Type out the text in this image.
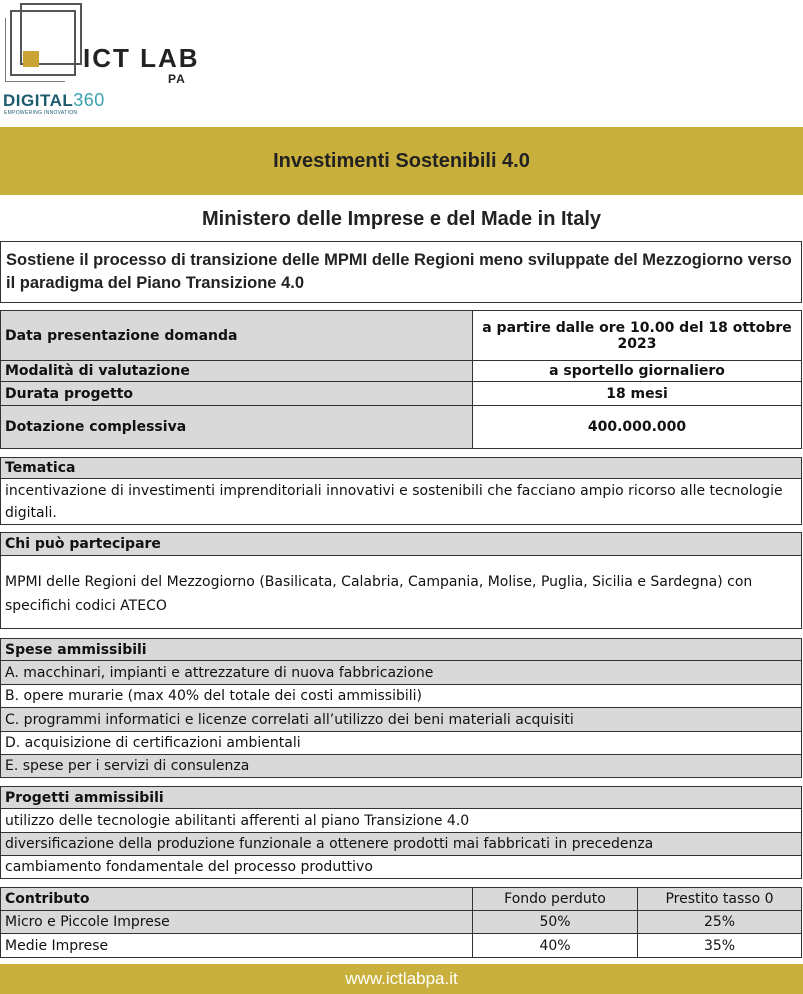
ICT LAB
PA
DIGITAL360
EMPOWERING INNOVATION
Investimenti Sostenibili 4.0
Ministero delle Imprese e del Made in Italy
Sostiene il processo di transizione delle MPMI delle Regioni meno sviluppate del Mezzogiorno verso il paradigma del Piano Transizione 4.0
Data presentazione domanda	a partire dalle ore 10.00 del 18 ottobre 2023
Modalità di valutazione	a sportello giornaliero
Durata progetto	18 mesi
Dotazione complessiva	400.000.000
Tematica
incentivazione di investimenti imprenditoriali innovativi e sostenibili che facciano ampio ricorso alle tecnologie digitali.
Chi può partecipare
MPMI delle Regioni del Mezzogiorno (Basilicata, Calabria, Campania, Molise, Puglia, Sicilia e Sardegna) con specifichi codici ATECO
Spese ammissibili
A. macchinari, impianti e attrezzature di nuova fabbricazione
B. opere murarie (max 40% del totale dei costi ammissibili)
C. programmi informatici e licenze correlati all’utilizzo dei beni materiali acquisiti
D. acquisizione di certificazioni ambientali
E. spese per i servizi di consulenza
Progetti ammissibili
utilizzo delle tecnologie abilitanti afferenti al piano Transizione 4.0
diversificazione della produzione funzionale a ottenere prodotti mai fabbricati in precedenza
cambiamento fondamentale del processo produttivo
Contributo	Fondo perduto	Prestito tasso 0
Micro e Piccole Imprese	50%	25%
Medie Imprese	40%	35%
www.ictlabpa.it
